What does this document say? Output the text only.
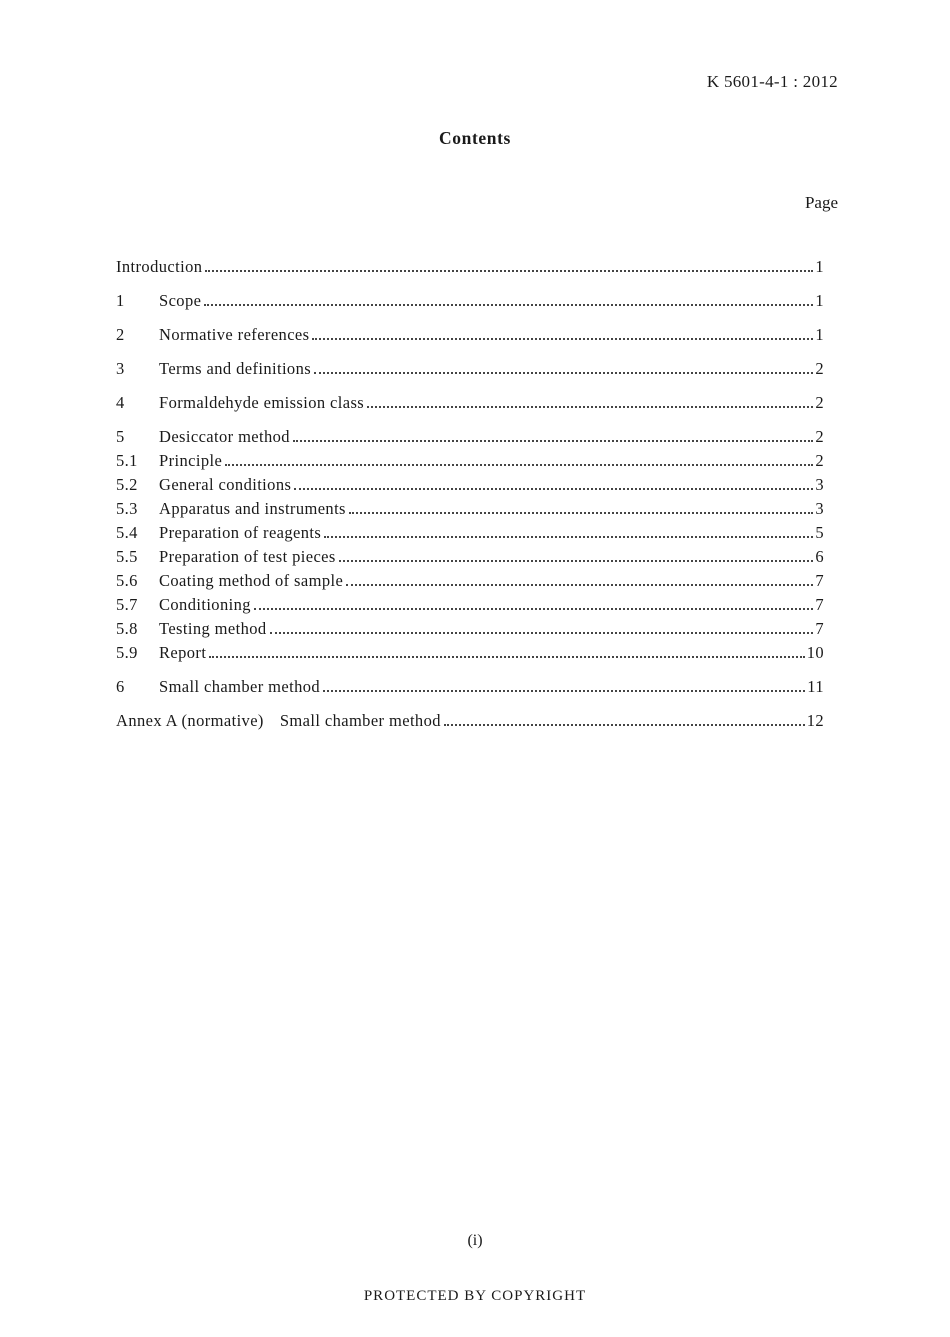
K 5601-4-1 : 2012
Contents
Page
Introduction	1
1	Scope	1
2	Normative references	1
3	Terms and definitions	2
4	Formaldehyde emission class	2
5	Desiccator method	2
5.1	Principle	2
5.2	General conditions	3
5.3	Apparatus and instruments	3
5.4	Preparation of reagents	5
5.5	Preparation of test pieces	6
5.6	Coating method of sample	7
5.7	Conditioning	7
5.8	Testing method	7
5.9	Report	10
6	Small chamber method	11
Annex A (normative) Small chamber method	12
(i)
PROTECTED BY COPYRIGHT
